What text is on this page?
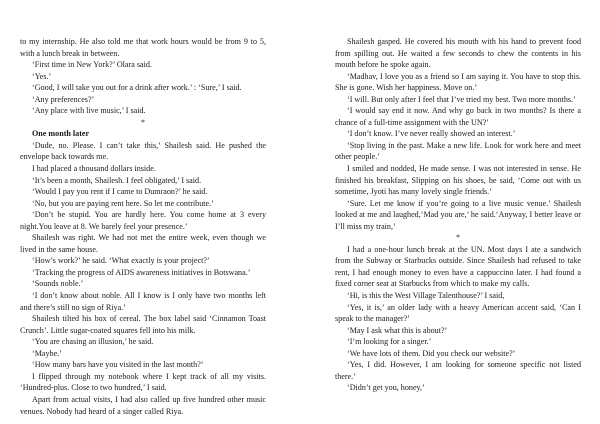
to my internship. He also told me that work hours would be from 9 to 5, with a lunch break in between.

‘First time in New York?’ Olara said.

‘Yes.’

‘Good, I will take you out for a drink after work.’ : ‘Sure,’ I said.

‘Any preferences?’

‘Any place with live music,’ I said.

*

One month later

‘Dude, no. Please. I can’t take this,’ Shailesh said. He pushed the envelope back towards me.

I had placed a thousand dollars inside.

‘It’s been a month, Shailesh. I feel obligated,’ I said.

‘Would I pay you rent if I came to Dumraon?’ he said.

‘No, but you are paying rent here. So let me contribute.’

‘Don’t be stupid. You are hardly here. You come home at 3 every night.You leave at 8. We barely feel your presence.’

Shailesh was right. We had not met the entire week, even though we lived in the same house.

‘How’s work?’ he said. ‘What exactly is your project?’

‘Tracking the progress of AIDS awareness initiatives in Botswana.’

‘Sounds noble.’

‘I don’t know about noble. All I know is I only have two months left and there’s still no sign of Riya.’

Shailesh tilted his box of cereal. The box label said ‘Cinnamon Toast Crunch’. Little sugar-coated squares fell into his milk.

‘You are chasing an illusion,’ he said.

‘Maybe.’

‘How many bars have you visited in the last month?’

I flipped through my notebook where I kept track of all my visits. ‘Hundred-plus. Close to two hundred,’ I said.

Apart from actual visits, I had also called up five hundred other music venues. Nobody had heard of a singer called Riya.

Shailesh gasped. He covered his mouth with his hand to prevent food from spilling out. He waited a few seconds to chew the contents in his mouth before he spoke again.

‘Madhav, I love you as a friend so I am saying it. You have to stop this. She is gone. Wish her happiness. Move on.’

‘I will. But only after I feel that I’ve tried my best. Two more months.’

‘I would say end it now. And why go back in two months? Is there a chance of a full-time assignment with the UN?’

‘I don’t know. I’ve never really showed an interest.’

‘Stop living in the past. Make a new life. Look for work here and meet other people.’

I smiled and nodded, He made sense. I was not interested in sense. He finished his breakfast, Slipping on his shoes, he said, ‘Come out with us sometime, Jyoti has many lovely single friends.’

‘Sure. Let me know if you’re going to a live music venue.’ Shailesh looked at me and laughed,‘Mad you are,’ he said.‘Anyway, I better leave or I’ll miss my train,’

*

I had a one-hour lunch break at the UN. Most days I ate a sandwich from the Subway or Starbucks outside. Since Shailesh had refused to take rent, I had enough money to even have a cappuccino later. I had found a fixed corner seat at Starbucks from which to make my calls.

‘Hi, is this the West Village Talenthouse?’ I said,

‘Yes, it is,’ an older lady with a heavy American accent said, ‘Can I speak to the manager?’

‘May I ask what this is about?’

‘I’m looking for a singer.’

‘We have lots of them. Did you check our website?’

‘Yes, I did. However, I am looking for someone specific not listed there.’

‘Didn’t get you, honey,’
